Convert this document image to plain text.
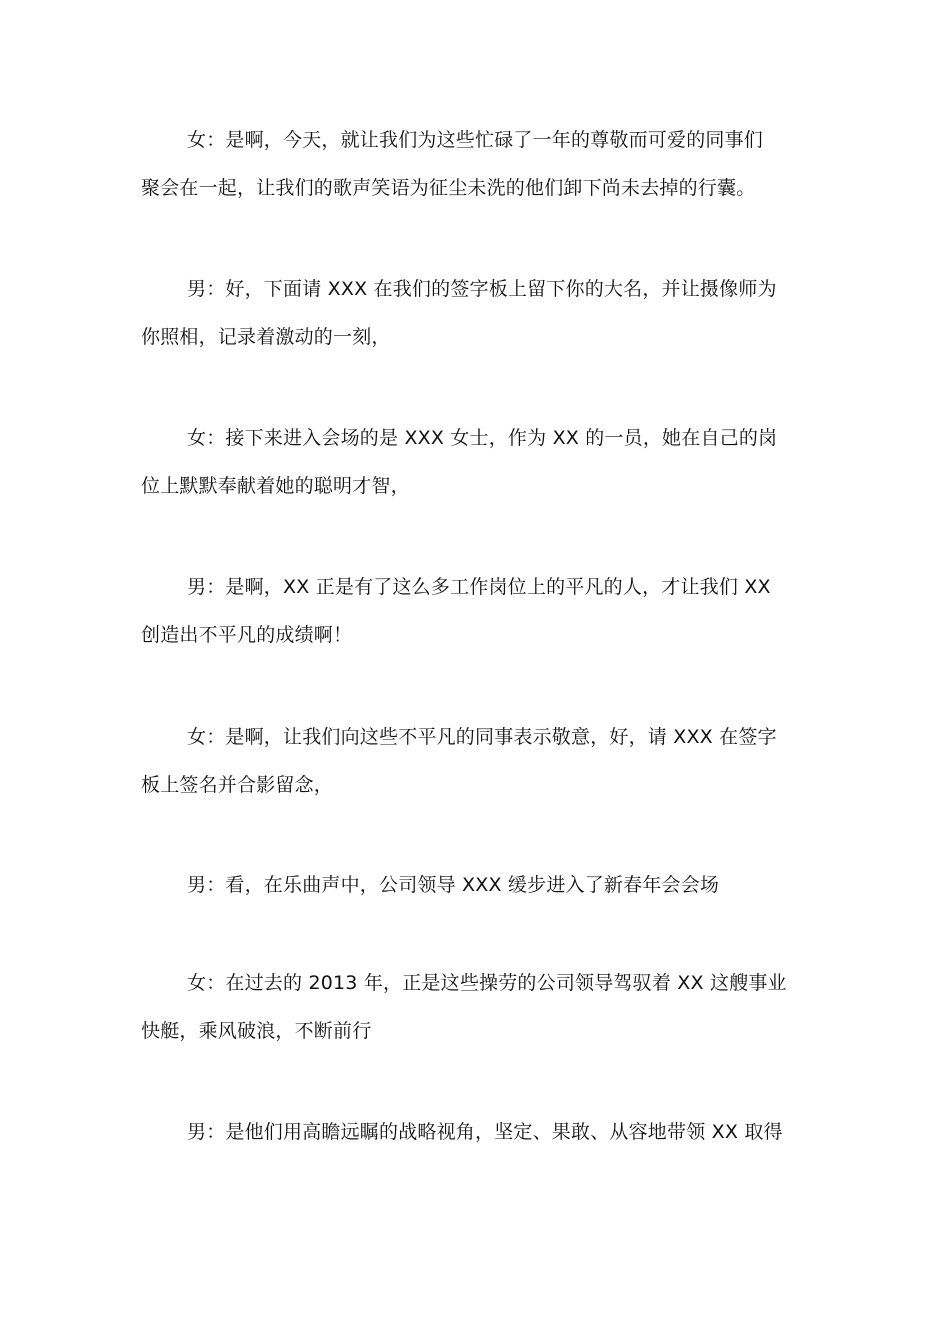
女：是啊，今天，就让我们为这些忙碌了一年的尊敬而可爱的同事们
聚会在一起，让我们的歌声笑语为征尘未洗的他们卸下尚未去掉的行囊。

男：好，下面请 XXX 在我们的签字板上留下你的大名，并让摄像师为
你照相，记录着激动的一刻，

女：接下来进入会场的是 XXX 女士，作为 XX 的一员，她在自己的岗
位上默默奉献着她的聪明才智，

男：是啊，XX 正是有了这么多工作岗位上的平凡的人，才让我们 XX
创造出不平凡的成绩啊！

女：是啊，让我们向这些不平凡的同事表示敬意，好，请 XXX 在签字
板上签名并合影留念，

男：看，在乐曲声中，公司领导 XXX 缓步进入了新春年会会场

女：在过去的 2013 年，正是这些操劳的公司领导驾驭着 XX 这艘事业
快艇，乘风破浪，不断前行

男：是他们用高瞻远瞩的战略视角，坚定、果敢、从容地带领 XX 取得
